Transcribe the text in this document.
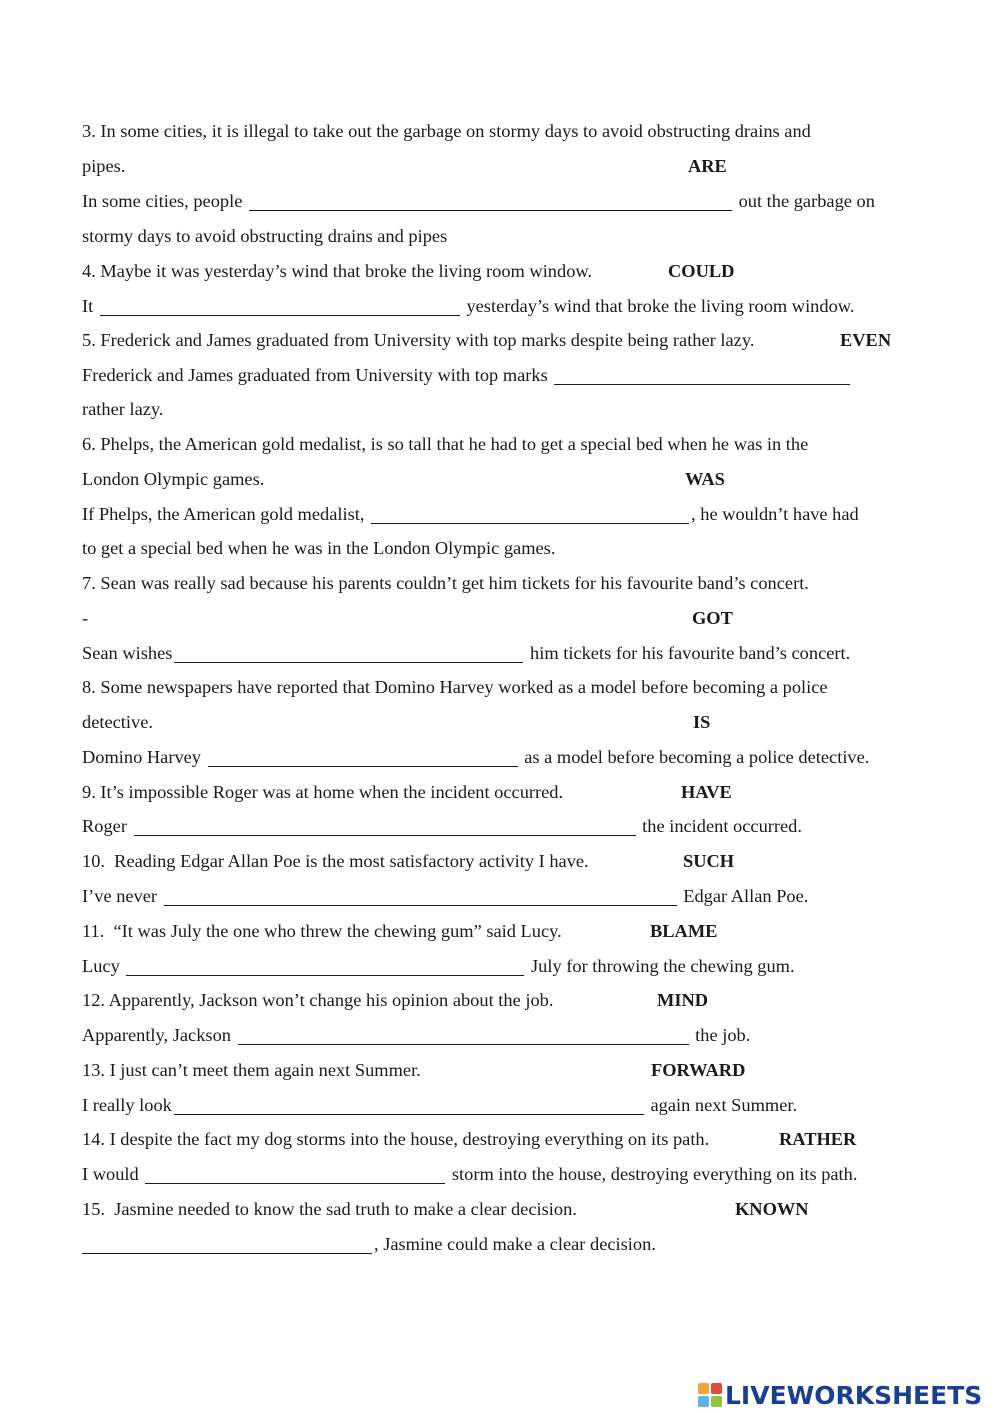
3. In some cities, it is illegal to take out the garbage on stormy days to avoid obstructing drains and
pipes.	ARE
In some cities, people	out the garbage on
stormy days to avoid obstructing drains and pipes
4. Maybe it was yesterday’s wind that broke the living room window.	COULD
It	yesterday’s wind that broke the living room window.
5. Frederick and James graduated from University with top marks despite being rather lazy.	EVEN
Frederick and James graduated from University with top marks
rather lazy.
6. Phelps, the American gold medalist, is so tall that he had to get a special bed when he was in the
London Olympic games.	WAS
If Phelps, the American gold medalist,	, he wouldn’t have had
to get a special bed when he was in the London Olympic games.
7. Sean was really sad because his parents couldn’t get him tickets for his favourite band’s concert.
-	GOT
Sean wishes	him tickets for his favourite band’s concert.
8. Some newspapers have reported that Domino Harvey worked as a model before becoming a police
detective.	IS
Domino Harvey	as a model before becoming a police detective.
9. It’s impossible Roger was at home when the incident occurred.	HAVE
Roger	the incident occurred.
10.  Reading Edgar Allan Poe is the most satisfactory activity I have.	SUCH
I’ve never	Edgar Allan Poe.
11.  “It was July the one who threw the chewing gum” said Lucy.	BLAME
Lucy	July for throwing the chewing gum.
12. Apparently, Jackson won’t change his opinion about the job.	MIND
Apparently, Jackson	the job.
13. I just can’t meet them again next Summer.	FORWARD
I really look	again next Summer.
14. I despite the fact my dog storms into the house, destroying everything on its path.	RATHER
I would	storm into the house, destroying everything on its path.
15.  Jasmine needed to know the sad truth to make a clear decision.	KNOWN
, Jasmine could make a clear decision.
LIVEWORKSHEETS
